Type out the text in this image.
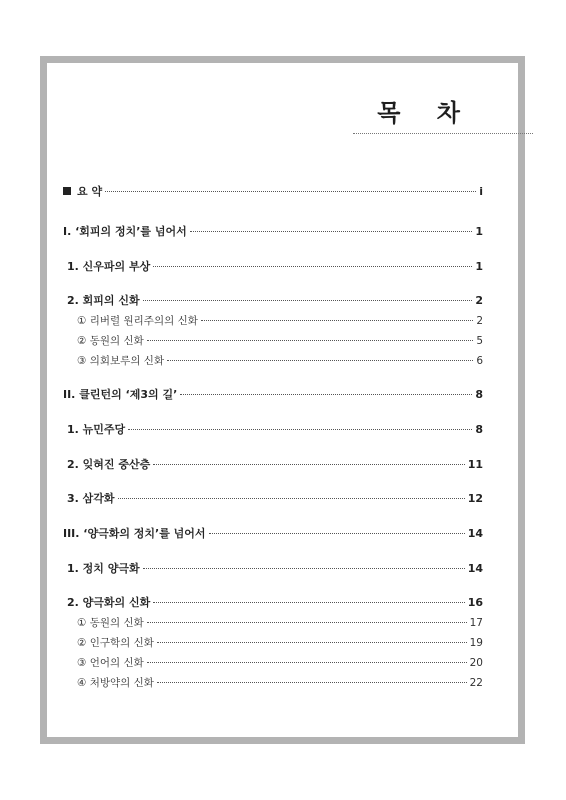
목 차
요 약	i
I. ‘회피의 정치’를 넘어서	1
1. 신우파의 부상	1
2. 회피의 신화	2
① 리버럴 원리주의의 신화	2
② 동원의 신화	5
③ 의회보루의 신화	6
II. 클린턴의 ‘제3의 길’	8
1. 뉴민주당	8
2. 잊혀진 중산층	11
3. 삼각화	12
III. ‘양극화의 정치’를 넘어서	14
1. 정치 양극화	14
2. 양극화의 신화	16
① 동원의 신화	17
② 인구학의 신화	19
③ 언어의 신화	20
④ 처방약의 신화	22
